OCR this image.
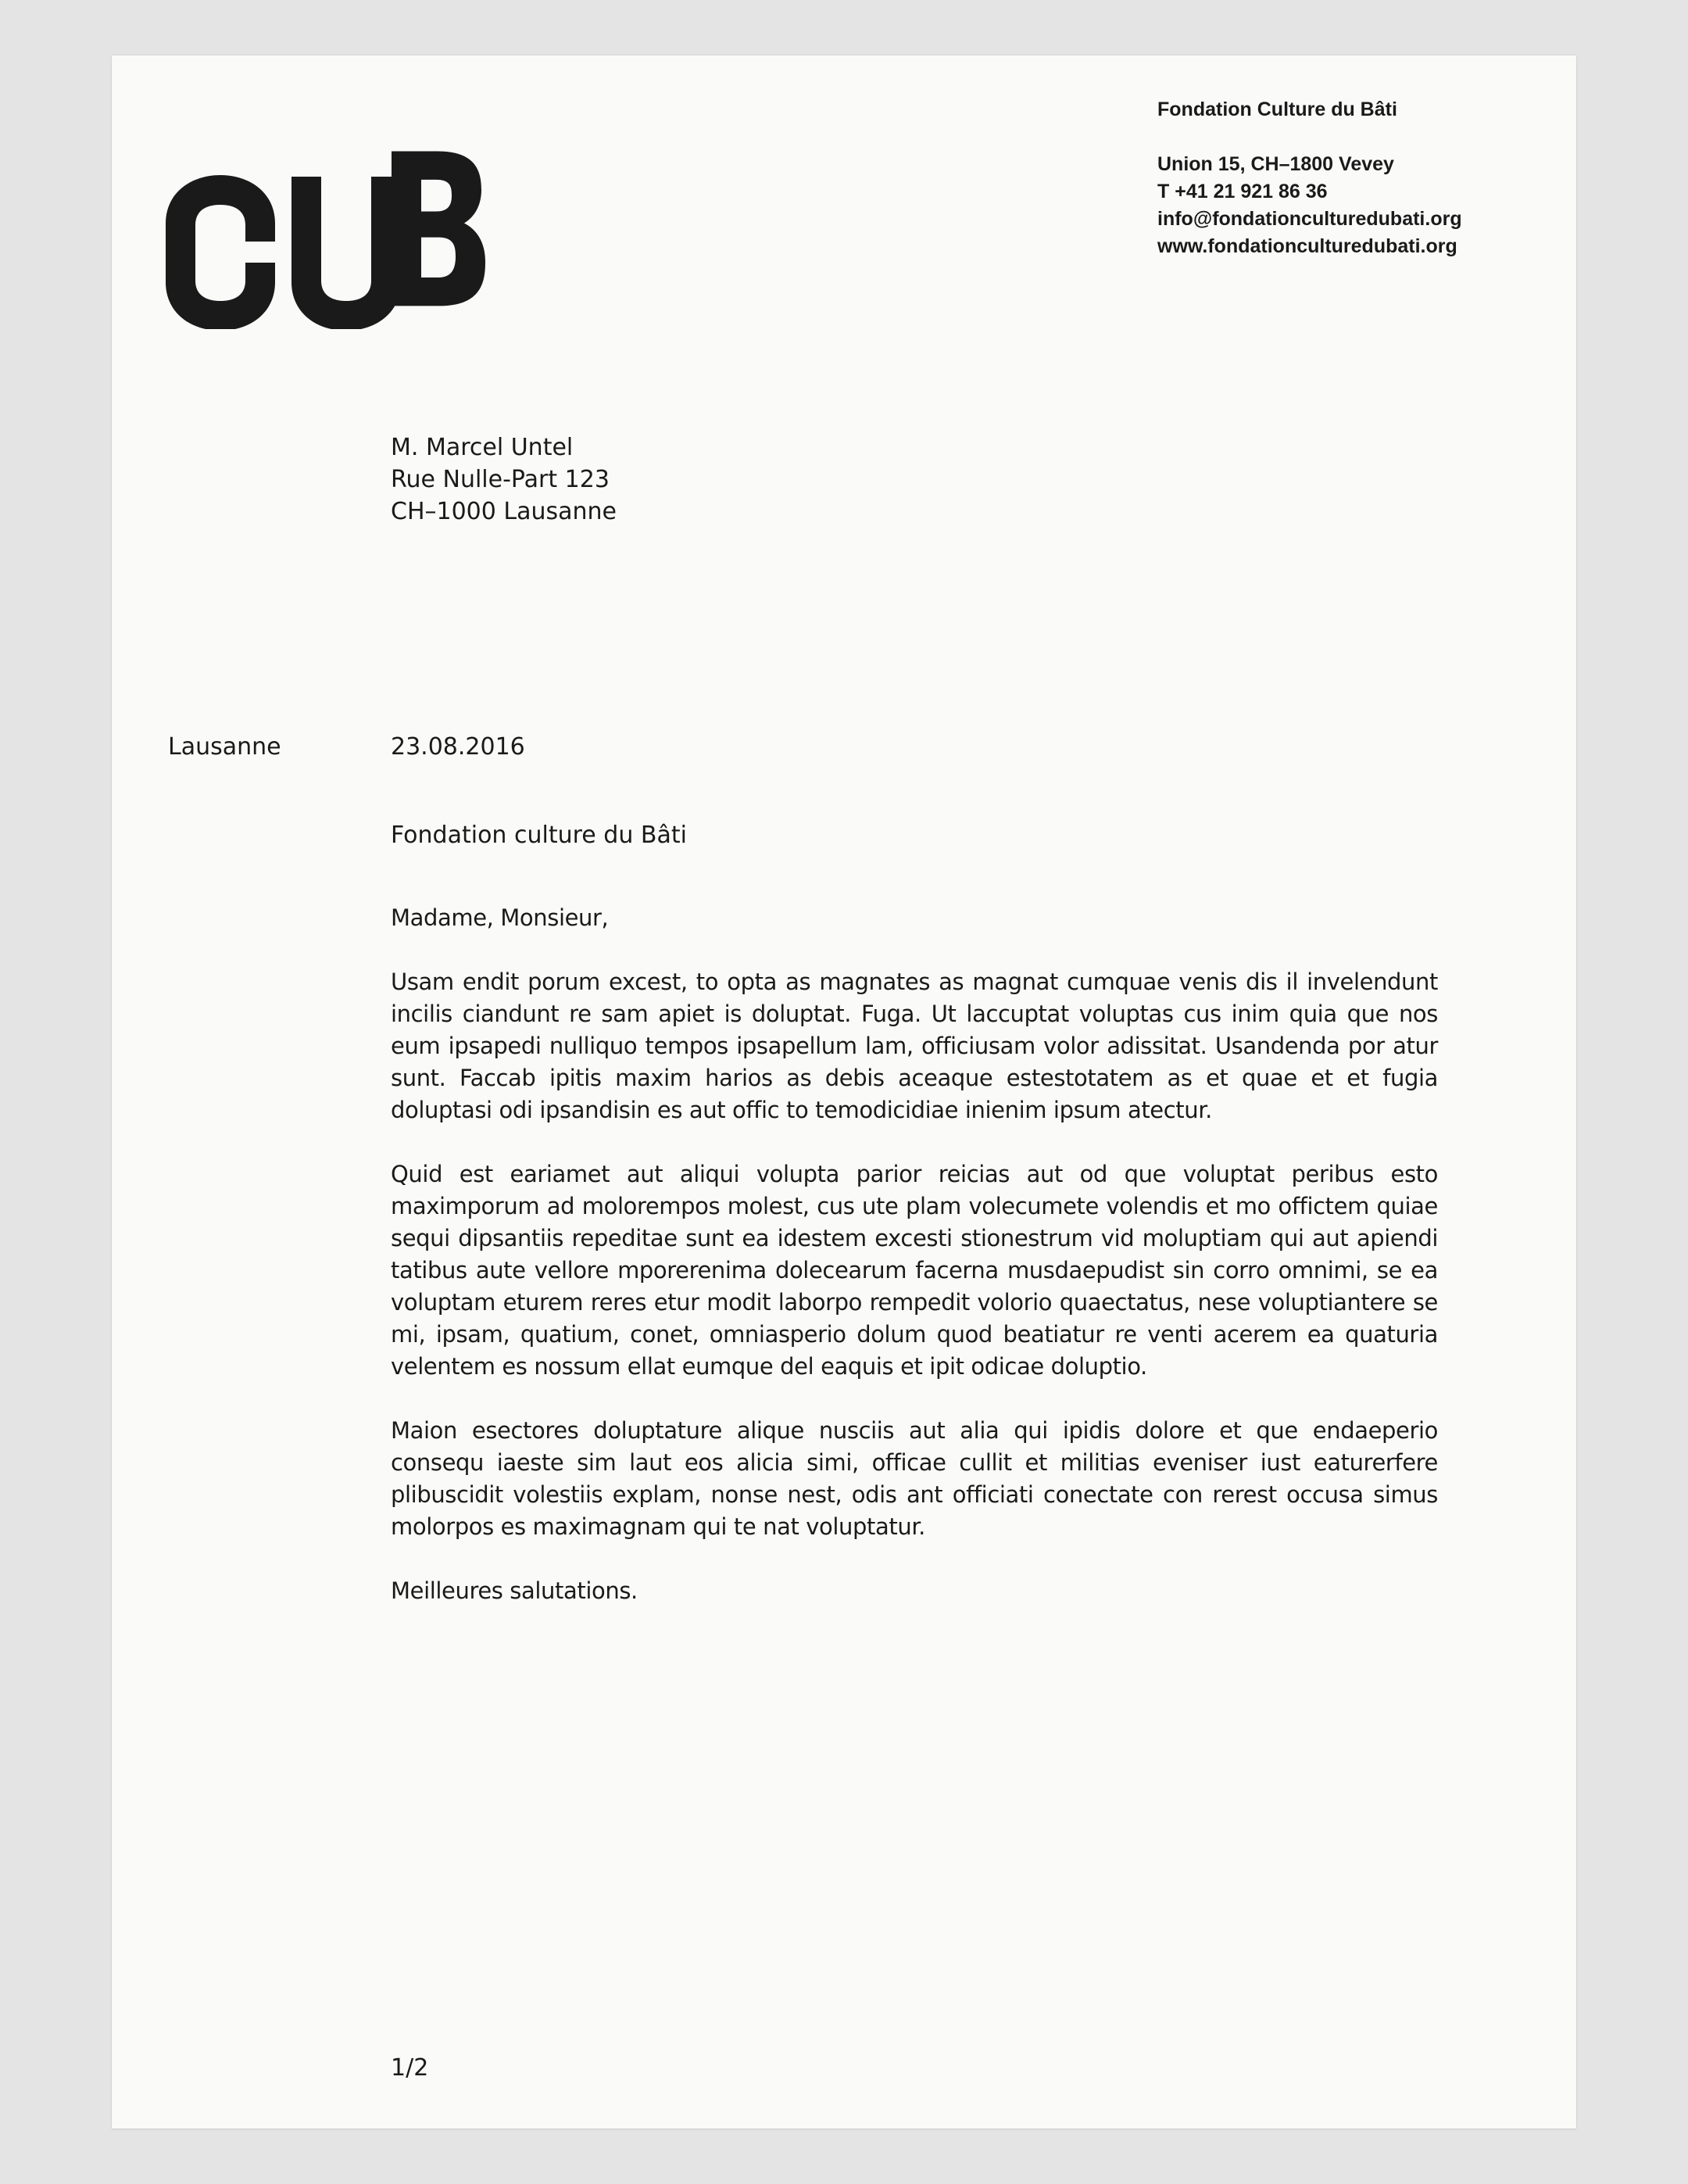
Fondation Culture du Bâti
Union 15, CH–1800 Vevey
T +41 21 921 86 36
info@fondationculturedubati.org
www.fondationculturedubati.org
M. Marcel Untel
Rue Nulle-Part 123
CH–1000 Lausanne
Lausanne	23.08.2016
Fondation culture du Bâti

Madame, Monsieur,

Usam endit porum excest, to opta as magnates as magnat cumquae venis dis il invelendunt incilis ciandunt re sam apiet is doluptat. Fuga. Ut laccuptat voluptas cus inim quia que nos eum ipsapedi nulliquo tempos ipsapellum lam, officiusam volor adissitat. Usandenda por atur sunt. Faccab ipitis maxim harios as debis aceaque estestotatem as et quae et et fugia doluptasi odi ipsandisin es aut offic to temodicidiae inienim ipsum atectur.

Quid est eariamet aut aliqui volupta parior reicias aut od que voluptat peribus esto maximporum ad molorempos molest, cus ute plam volecumete volendis et mo offictem quiae sequi dipsantiis repeditae sunt ea idestem excesti stionestrum vid moluptiam qui aut apiendi tatibus aute vellore mporerenima dolecearum facerna musdaepudist sin corro omnimi, se ea voluptam eturem reres etur modit laborpo rempedit volorio quaectatus, nese voluptiantere se mi, ipsam, quatium, conet, omniasperio dolum quod beatiatur re venti acerem ea quaturia velentem es nossum ellat eumque del eaquis et ipit odicae doluptio.

Maion esectores doluptature alique nusciis aut alia qui ipidis dolore et que endaeperio consequ iaeste sim laut eos alicia simi, officae cullit et militias eveniser iust eaturerfere plibuscidit volestiis explam, nonse nest, odis ant officiati conectate con rerest occusa simus molorpos es maximagnam qui te nat voluptatur.

Meilleures salutations.

1/2
